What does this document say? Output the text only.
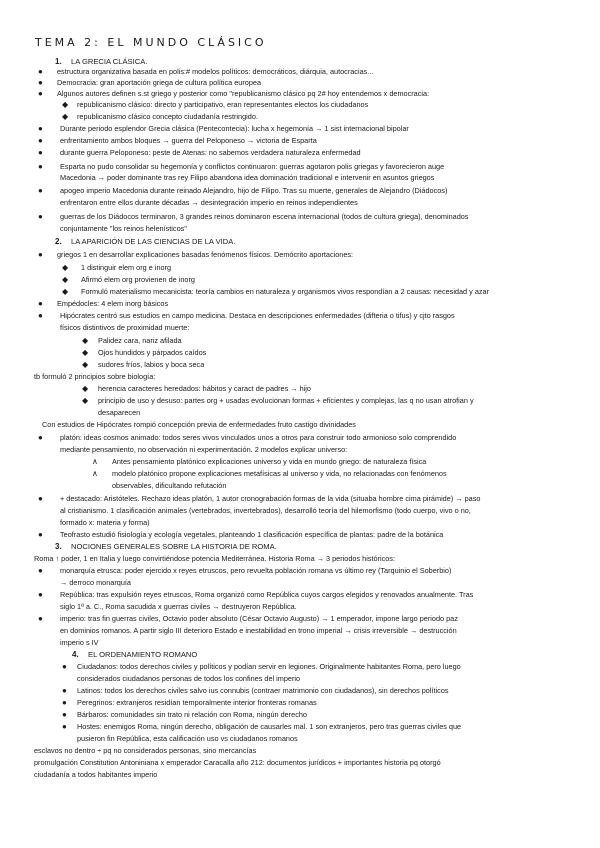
TEMA 2: EL MUNDO CLÁSICO
1. LA GRECIA CLÁSICA.
● estructura organizativa basada en polis:# modelos políticos: democráticos, diárquia, autocracias...
● Democracia: gran aportación griega de cultura política europea
● Algunos autores definen s.st griego y posterior como "republicanismo clásico pq 2# hoy entendemos x democracia:
◆ republicanismo clásico: directo y participativo, eran representantes electos los ciudadanos
◆ republicanismo clásico concepto ciudadanía restringido.
● Durante periodo esplendor Grecia clásica (Pentecontecia): lucha x hegemonía → 1 sist internacional bipolar
● enfrentamiento ambos bloques → guerra del Peloponeso → victoria de Esparta
● durante guerra Peloponeso: peste de Atenas: no sabemos verdadera naturaleza enfermedad
● Esparta no pudo consolidar su hegemonía y conflictos continuaron: guerras agotaron polis griegas y favorecieron auge
Macedonia → poder dominante tras rey Filipo abandona idea dominación tradicional e intervenir en asuntos griegos
● apogeo imperio Macedonia durante reinado Alejandro, hijo de Filipo. Tras su muerte, generales de Alejandro (Diádocos)
enfrentaron entre ellos durante décadas → desintegración imperio en reinos independientes
● guerras de los Diádocos terminaron, 3 grandes reinos dominaron escena internacional (todos de cultura griega), denominados
conjuntamente "los reinos helenísticos"
2. LA APARICIÓN DE LAS CIENCIAS DE LA VIDA.
● griegos 1 en desarrollar explicaciones basadas fenómenos físicos. Demócrito aportaciones:
◆ 1 distinguir elem org e inorg
◆ Afirmó elem org provienen de inorg
◆ Formuló materialismo mecanicista: teoría cambios en naturaleza y organismos vivos respondían a 2 causas: necesidad y azar
● Empédocles: 4 elem inorg básicos
● Hipócrates centró sus estudios en campo medicina. Destaca en descripciones enfermedades (difteria o tifus) y cjto rasgos
físicos distintivos de proximidad muerte:
◆ Palidez cara, nariz afilada
◆ Ojos hundidos y párpados caídos
◆ sudores fríos, labios y boca seca
tb formuló 2 principios sobre biología:
◆ herencia caracteres heredados: hábitos y caract de padres → hijo
◆ principio de uso y desuso: partes org + usadas evolucionan formas + eficientes y complejas, las q no usan atrofian y
desaparecen
Con estudios de Hipócrates rompió concepción previa de enfermedades fruto castigo divinidades
● platón: ideas cosmos animado: todos seres vivos vinculados unos a otros para construir todo armonioso solo comprendido
mediante pensamiento, no observación ni experimentación. 2 modelos explicar universo:
∧ Antes pensamiento platónico explicaciones universo y vida en mundo griego: de naturaleza física
∧ modelo platónico propone explicaciones metafísicas al universo y vida, no relacionadas con fenómenos
observables, dificultando refutación
● + destacado: Aristóteles. Rechazo ideas platón, 1 autor cronograbación formas de la vida (situaba hombre cima pirámide) → paso
al cristianismo. 1 clasificación animales (vertebrados, invertebrados), desarrolló teoría del hilemorfismo (todo cuerpo, vivo o no,
formado x: materia y forma)
● Teofrasto estudió fisiología y ecología vegetales, planteando 1 clasificación específica de plantas: padre de la botánica
3. NOCIONES GENERALES SOBRE LA HISTORIA DE ROMA.
Roma ↑ poder, 1 en Italia y luego convirtiéndose potencia Mediterránea. Historia Roma → 3 periodos históricos:
● monarquía etrusca: poder ejercido x reyes etruscos, pero revuelta población romana vs último rey (Tarquinio el Soberbio)
→ derroco monarquía
● República: tras expulsión reyes etruscos, Roma organizó como República cuyos cargos elegidos y renovados anualmente. Tras
siglo 1ª a. C., Roma sacudida x guerras civiles → destruyeron República.
● imperio: tras fin guerras civiles, Octavio poder absoluto (César Octavio Augusto) → 1 emperador, impone largo periodo paz
en dominios romanos. A partir siglo III deterioro Estado e inestabilidad en trono imperial → crisis irreversible → destrucción
imperio s IV
4. EL ORDENAMIENTO ROMANO
● Ciudadanos: todos derechos civiles y políticos y podían servir en legiones. Originalmente habitantes Roma, pero luego
considerados ciudadanos personas de todos los confines del imperio
● Latinos: todos los derechos civiles salvo ius connubis (contraer matrimonio con ciudadanos), sin derechos políticos
● Peregrinos: extranjeros residían temporalmente interior fronteras romanas
● Bárbaros: comunidades sin trato ni relación con Roma, ningún derecho
● Hostes: enemigos Roma, ningún derecho, obligación de causarles mal. 1 son extranjeros, pero tras guerras civiles que
pusieron fin República, esta calificación uso vs ciudadanos romanos
esclavos no dentro ÷ pq no considerados personas, sino mercancías
promulgación Constitution Antoniniana x emperador Caracalla año 212: documentos jurídicos + importantes historia pq otorgó
ciudadanía a todos habitantes imperio
